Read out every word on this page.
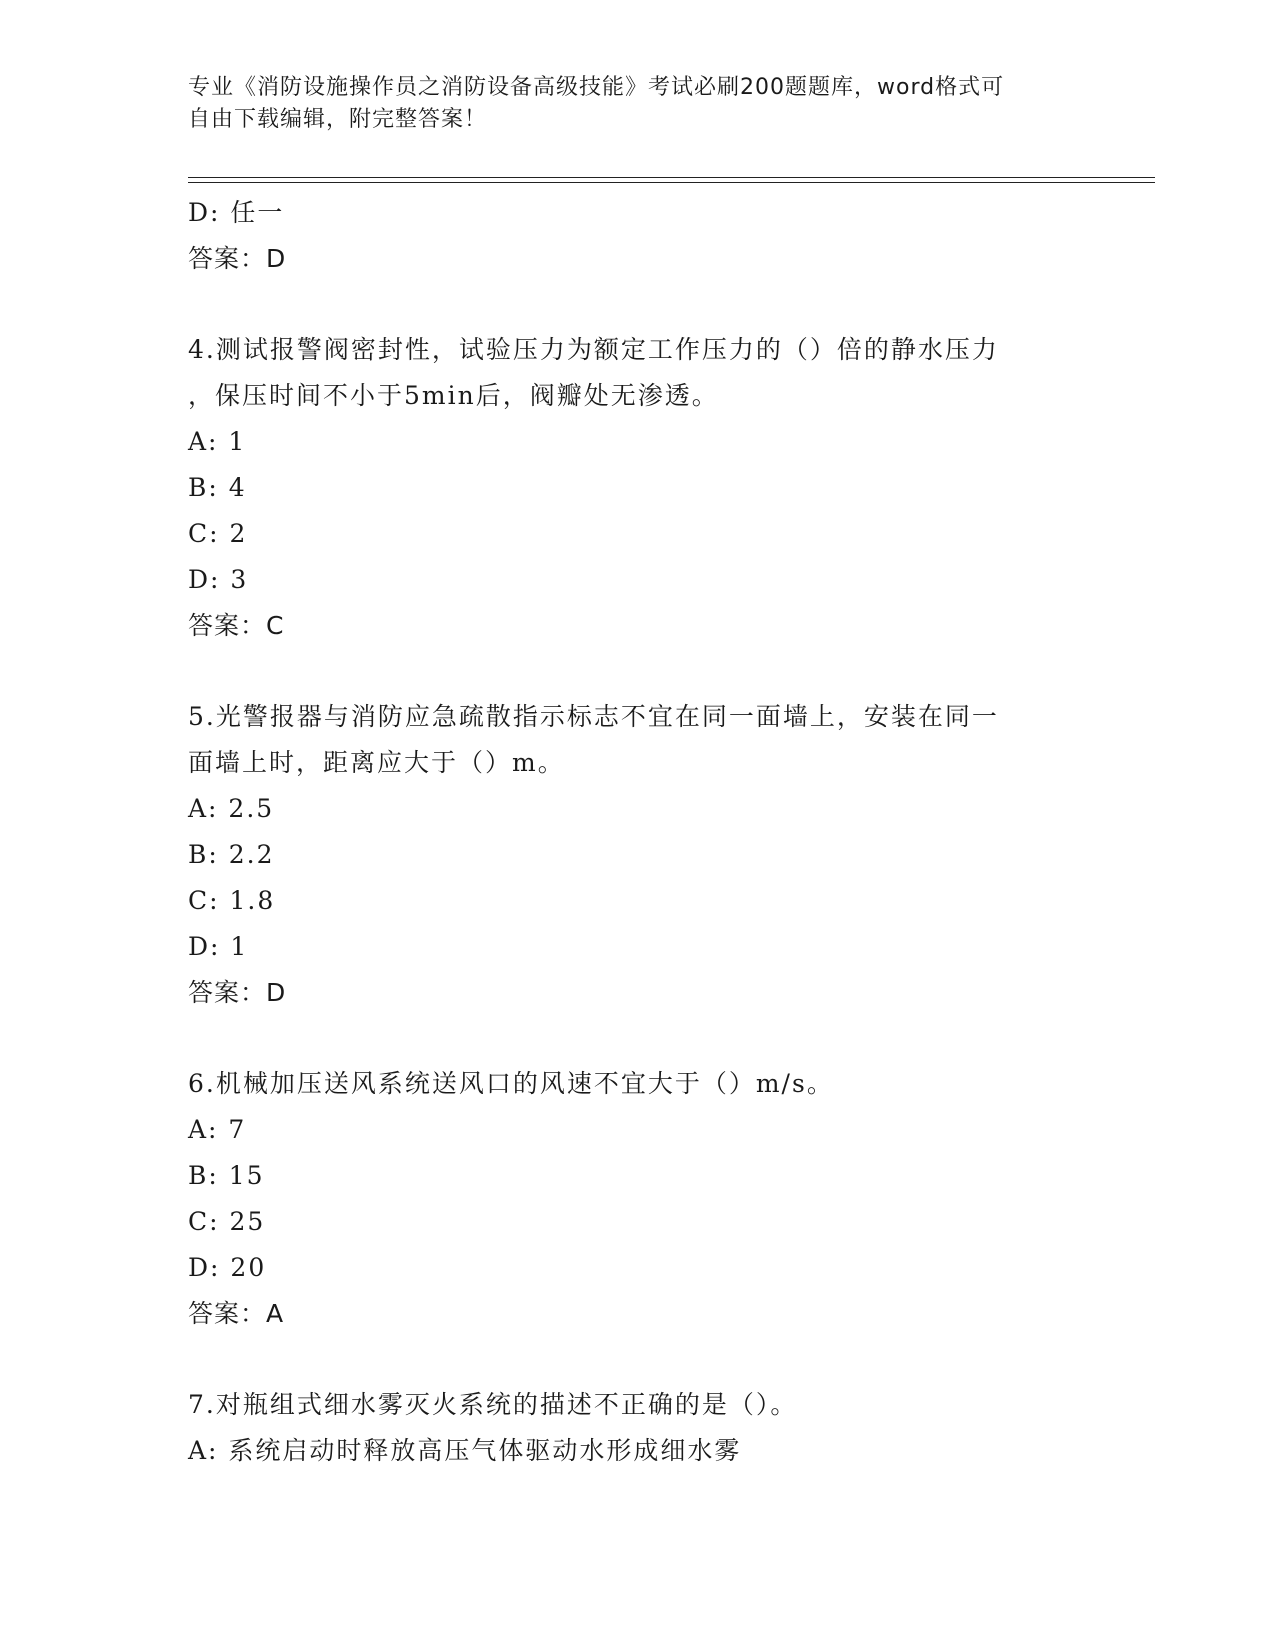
专业《消防设施操作员之消防设备高级技能》考试必刷200题题库，word格式可
自由下载编辑，附完整答案！
D: 任一
答案：D
4.测试报警阀密封性，试验压力为额定工作压力的（）倍的静水压力
，保压时间不小于5min后，阀瓣处无渗透。
A: 1
B: 4
C: 2
D: 3
答案：C
5.光警报器与消防应急疏散指示标志不宜在同一面墙上，安装在同一
面墙上时，距离应大于（）m。
A: 2.5
B: 2.2
C: 1.8
D: 1
答案：D
6.机械加压送风系统送风口的风速不宜大于（）m/s。
A: 7
B: 15
C: 25
D: 20
答案：A
7.对瓶组式细水雾灭火系统的描述不正确的是（）。
A: 系统启动时释放高压气体驱动水形成细水雾
